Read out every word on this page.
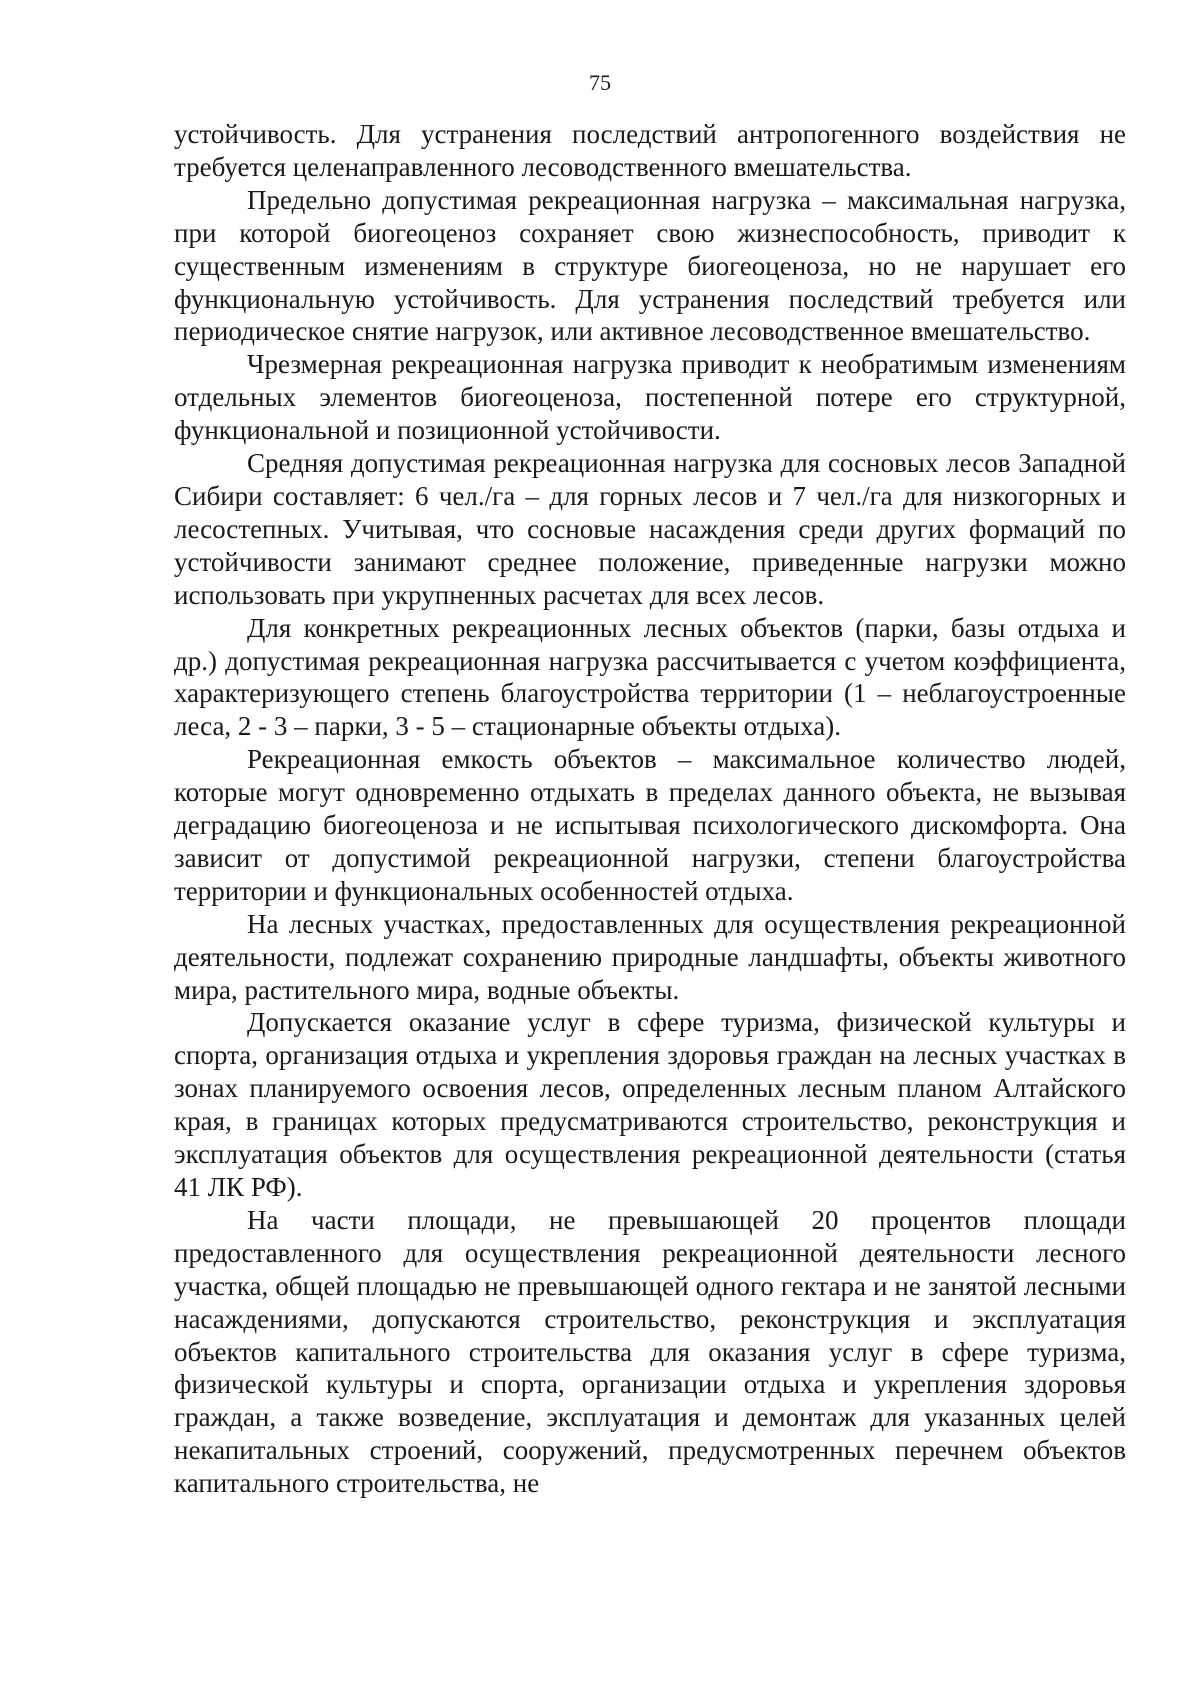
75

устойчивость. Для устранения последствий антропогенного воздействия не требуется целенаправленного лесоводственного вмешательства.

Предельно допустимая рекреационная нагрузка – максимальная нагрузка, при которой биогеоценоз сохраняет свою жизнеспособность, приводит к существенным изменениям в структуре биогеоценоза, но не нарушает его функциональную устойчивость. Для устранения последствий требуется или периодическое снятие нагрузок, или активное лесоводственное вмешательство.

Чрезмерная рекреационная нагрузка приводит к необратимым изменениям отдельных элементов биогеоценоза, постепенной потере его структурной, функциональной и позиционной устойчивости.

Средняя допустимая рекреационная нагрузка для сосновых лесов Западной Сибири составляет: 6 чел./га – для горных лесов и 7 чел./га для низкогорных и лесостепных. Учитывая, что сосновые насаждения среди других формаций по устойчивости занимают среднее положение, приведенные нагрузки можно использовать при укрупненных расчетах для всех лесов.

Для конкретных рекреационных лесных объектов (парки, базы отдыха и др.) допустимая рекреационная нагрузка рассчитывается с учетом коэффициента, характеризующего степень благоустройства территории (1 – неблагоустроенные леса, 2 - 3 – парки, 3 - 5 – стационарные объекты отдыха).

Рекреационная емкость объектов – максимальное количество людей, которые могут одновременно отдыхать в пределах данного объекта, не вызывая деградацию биогеоценоза и не испытывая психологического дискомфорта. Она зависит от допустимой рекреационной нагрузки, степени благоустройства территории и функциональных особенностей отдыха.

На лесных участках, предоставленных для осуществления рекреационной деятельности, подлежат сохранению природные ландшафты, объекты животного мира, растительного мира, водные объекты.

Допускается оказание услуг в сфере туризма, физической культуры и спорта, организация отдыха и укрепления здоровья граждан на лесных участках в зонах планируемого освоения лесов, определенных лесным планом Алтайского края, в границах которых предусматриваются строительство, реконструкция и эксплуатация объектов для осуществления рекреационной деятельности (статья 41 ЛК РФ).

На части площади, не превышающей 20 процентов площади предоставленного для осуществления рекреационной деятельности лесного участка, общей площадью не превышающей одного гектара и не занятой лесными насаждениями, допускаются строительство, реконструкция и эксплуатация объектов капитального строительства для оказания услуг в сфере туризма, физической культуры и спорта, организации отдыха и укрепления здоровья граждан, а также возведение, эксплуатация и демонтаж для указанных целей некапитальных строений, сооружений, предусмотренных перечнем объектов капитального строительства, не
